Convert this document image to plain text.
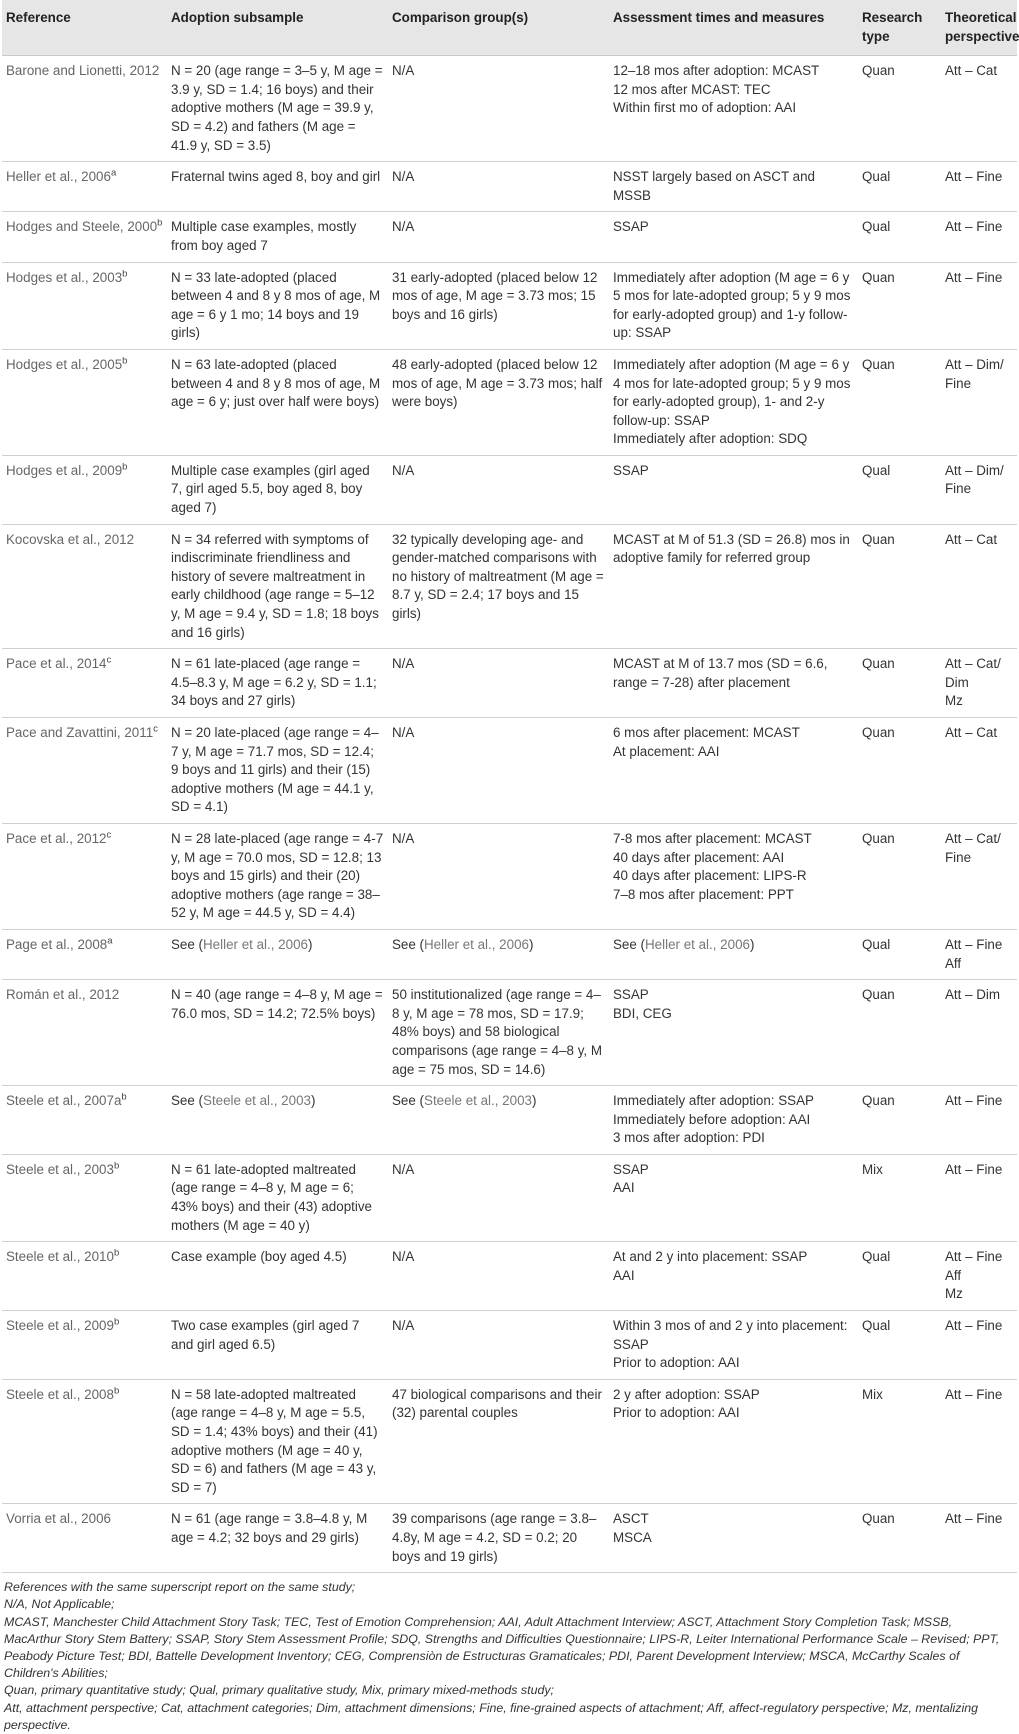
Reference	Adoption subsample	Comparison group(s)	Assessment times and measures	Research type	Theoretical perspective
Barone and Lionetti, 2012	N = 20 (age range = 3–5 y, M age = 3.9 y, SD = 1.4; 16 boys) and their adoptive mothers (M age = 39.9 y, SD = 4.2) and fathers (M age = 41.9 y, SD = 3.5)	N/A	12–18 mos after adoption: MCAST
12 mos after MCAST: TEC
Within first mo of adoption: AAI	Quan	Att – Cat

Heller et al., 2006$^a$	Fraternal twins aged 8, boy and girl	N/A	NSST largely based on ASCT and MSSB	Qual	Att – Fine

Hodges and Steele, 2000$^b$	Multiple case examples, mostly from boy aged 7	N/A	SSAP	Qual	Att – Fine

Hodges et al., 2003$^b$	N = 33 late-adopted (placed between 4 and 8 y 8 mos of age, M age = 6 y 1 mo; 14 boys and 19 girls)	31 early-adopted (placed below 12 mos of age, M age = 3.73 mos; 15 boys and 16 girls)	Immediately after adoption (M age = 6 y 5 mos for late-adopted group; 5 y 9 mos for early-adopted group) and 1-y follow-up: SSAP	Quan	Att – Fine

Hodges et al., 2005$^b$	N = 63 late-adopted (placed between 4 and 8 y 8 mos of age, M age = 6 y; just over half were boys)	48 early-adopted (placed below 12 mos of age, M age = 3.73 mos; half were boys)	Immediately after adoption (M age = 6 y 4 mos for late-adopted group; 5 y 9 mos for early-adopted group), 1- and 2-y follow-up: SSAP
Immediately after adoption: SDQ	Quan	Att – Dim/
Fine

Hodges et al., 2009$^b$	Multiple case examples (girl aged 7, girl aged 5.5, boy aged 8, boy aged 7)	N/A	SSAP	Qual	Att – Dim/
Fine

Kocovska et al., 2012	N = 34 referred with symptoms of indiscriminate friendliness and history of severe maltreatment in early childhood (age range = 5–12 y, M age = 9.4 y, SD = 1.8; 18 boys and 16 girls)	32 typically developing age- and gender-matched comparisons with no history of maltreatment (M age = 8.7 y, SD = 2.4; 17 boys and 15 girls)	MCAST at M of 51.3 (SD = 26.8) mos in adoptive family for referred group	Quan	Att – Cat

Pace et al., 2014$^c$	N = 61 late-placed (age range = 4.5–8.3 y, M age = 6.2 y, SD = 1.1; 34 boys and 27 girls)	N/A	MCAST at M of 13.7 mos (SD = 6.6, range = 7-28) after placement	Quan	Att – Cat/
Dim
Mz

Pace and Zavattini, 2011$^c$	N = 20 late-placed (age range = 4–7 y, M age = 71.7 mos, SD = 12.4; 9 boys and 11 girls) and their (15) adoptive mothers (M age = 44.1 y, SD = 4.1)	N/A	6 mos after placement: MCAST
At placement: AAI	Quan	Att – Cat

Pace et al., 2012$^c$	N = 28 late-placed (age range = 4-7 y, M age = 70.0 mos, SD = 12.8; 13 boys and 15 girls) and their (20) adoptive mothers (age range = 38–52 y, M age = 44.5 y, SD = 4.4)	N/A	7-8 mos after placement: MCAST
40 days after placement: AAI
40 days after placement: LIPS-R
7–8 mos after placement: PPT	Quan	Att – Cat/
Fine

Page et al., 2008$^a$	See (Heller et al., 2006)	See (Heller et al., 2006)	See (Heller et al., 2006)	Qual	Att – Fine
Aff

Román et al., 2012	N = 40 (age range = 4–8 y, M age = 76.0 mos, SD = 14.2; 72.5% boys)	50 institutionalized (age range = 4–8 y, M age = 78 mos, SD = 17.9; 48% boys) and 58 biological comparisons (age range = 4–8 y, M age = 75 mos, SD = 14.6)	SSAP
BDI, CEG	Quan	Att – Dim

Steele et al., $2007a^b$	See (Steele et al., 2003)	See (Steele et al., 2003)	Immediately after adoption: SSAP
Immediately before adoption: AAI
3 mos after adoption: PDI	Quan	Att – Fine

Steele et al., 2003$^b$	N = 61 late-adopted maltreated (age range = 4–8 y, M age = 6; 43% boys) and their (43) adoptive mothers (M age = 40 y)	N/A	SSAP
AAI	Mix	Att – Fine

Steele et al., 2010$^b$	Case example (boy aged 4.5)	N/A	At and 2 y into placement: SSAP
AAI	Qual	Att – Fine
Aff
Mz

Steele et al., 2009$^b$	Two case examples (girl aged 7 and girl aged 6.5)	N/A	Within 3 mos of and 2 y into placement: SSAP
Prior to adoption: AAI	Qual	Att – Fine

Steele et al., 2008$^b$	N = 58 late-adopted maltreated (age range = 4–8 y, M age = 5.5, SD = 1.4; 43% boys) and their (41) adoptive mothers (M age = 40 y, SD = 6) and fathers (M age = 43 y, SD = 7)	47 biological comparisons and their (32) parental couples	2 y after adoption: SSAP
Prior to adoption: AAI	Mix	Att – Fine

Vorria et al., 2006	N = 61 (age range = 3.8–4.8 y, M age = 4.2; 32 boys and 29 girls)	39 comparisons (age range = 3.8–4.8y, M age = 4.2, SD = 0.2; 20 boys and 19 girls)	ASCT
MSCA	Quan	Att – Fine
References with the same superscript report on the same study;
N/A, Not Applicable;
MCAST, Manchester Child Attachment Story Task; TEC, Test of Emotion Comprehension; AAI, Adult Attachment Interview; ASCT, Attachment Story Completion Task; MSSB, MacArthur Story Stem Battery; SSAP, Story Stem Assessment Profile; SDQ, Strengths and Difficulties Questionnaire; LIPS-R, Leiter International Performance Scale – Revised; PPT, Peabody Picture Test; BDI, Battelle Development Inventory; CEG, Comprensiòn de Estructuras Gramaticales; PDI, Parent Development Interview; MSCA, McCarthy Scales of Children's Abilities;
Quan, primary quantitative study; Qual, primary qualitative study, Mix, primary mixed-methods study;
Att, attachment perspective; Cat, attachment categories; Dim, attachment dimensions; Fine, fine-grained aspects of attachment; Aff, affect-regulatory perspective; Mz, mentalizing perspective.
